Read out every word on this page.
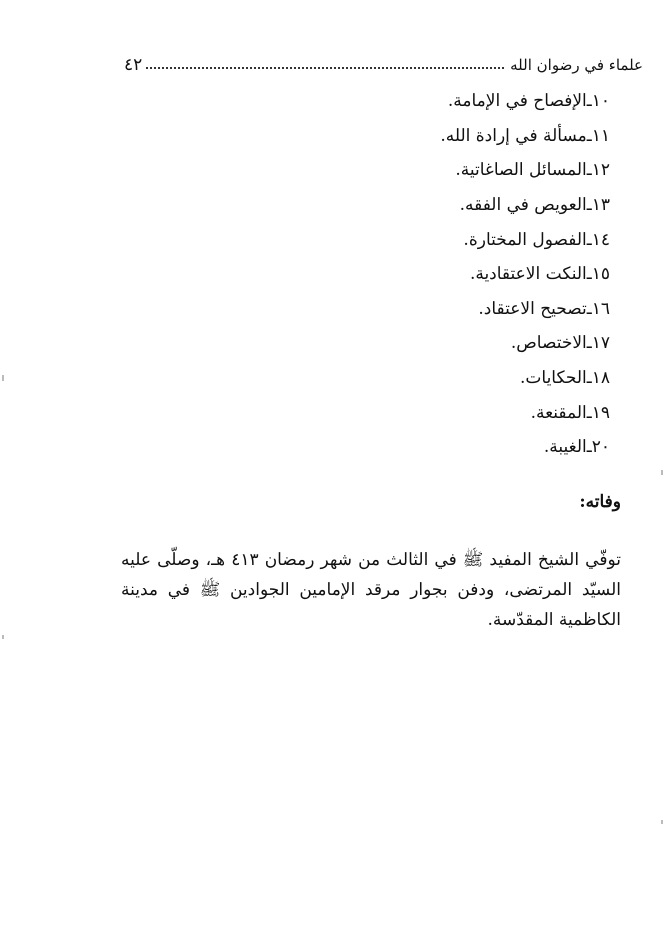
علماء في رضوان الله
٤٢
١٠
ـ
الإفصاح في الإمامة.
١١
ـ
مسألة في إرادة الله.
١٢
ـ
المسائل الصاغاتية.
١٣
ـ
العويص في الفقه.
١٤
ـ
الفصول المختارة.
١٥
ـ
النكت الاعتقادية.
١٦
ـ
تصحيح الاعتقاد.
١٧
ـ
الاختصاص.
١٨
ـ
الحكايات.
١٩
ـ
المقنعة.
٢٠
ـ
الغيبة.
وفاته:

توفّي الشيخ المفيد ﷺ في الثالث من شهر رمضان ٤١٣ هـ، وصلّى عليه السيّد المرتضى، ودفن بجوار مرقد الإمامين الجوادين ﷺ في مدينة الكاظمية المقدّسة.
